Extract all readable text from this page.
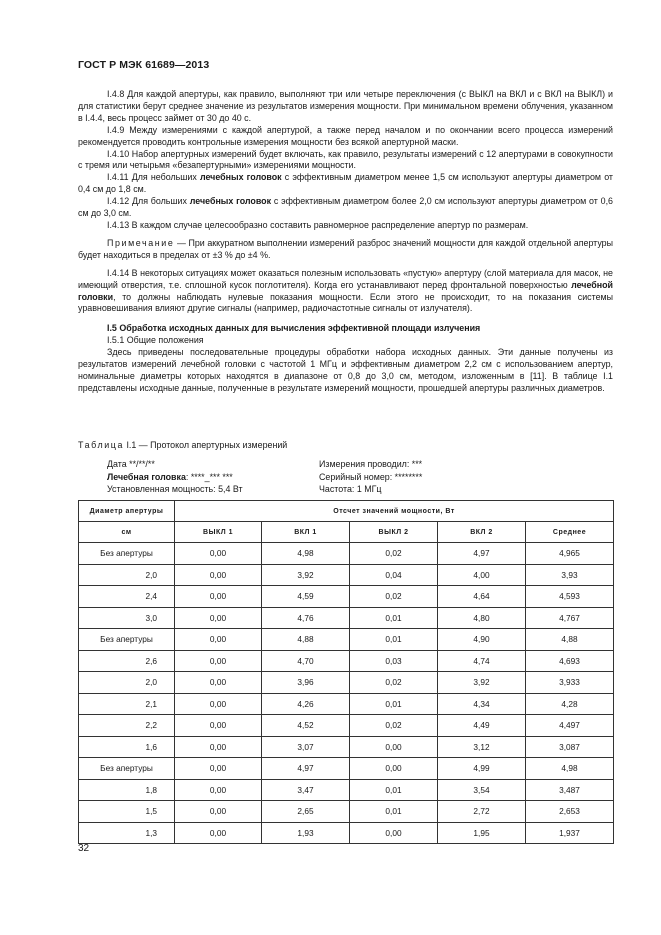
ГОСТ Р МЭК 61689—2013

I.4.8 Для каждой апертуры, как правило, выполняют три или четыре переключения (с ВЫКЛ на ВКЛ и с ВКЛ на ВЫКЛ) и для статистики берут среднее значение из результатов измерения мощности. При минимальном времени облучения, указанном в I.4.4, весь процесс займет от 30 до 40 с.

I.4.9 Между измерениями с каждой апертурой, а также перед началом и по окончании всего процесса измерений рекомендуется проводить контрольные измерения мощности без всякой апертурной маски.

I.4.10 Набор апертурных измерений будет включать, как правило, результаты измерений с 12 апертурами в совокупности с тремя или четырьмя «безапертурными» измерениями мощности.

I.4.11 Для небольших лечебных головок с эффективным диаметром менее 1,5 см используют апертуры диаметром от 0,4 см до 1,8 см.

I.4.12 Для больших лечебных головок с эффективным диаметром более 2,0 см используют апертуры диаметром от 0,6 см до 3,0 см.

I.4.13 В каждом случае целесообразно составить равномерное распределение апертур по размерам.

Примечание — При аккуратном выполнении измерений разброс значений мощности для каждой отдельной апертуры будет находиться в пределах от ±3 % до ±4 %.

I.4.14 В некоторых ситуациях может оказаться полезным использовать «пустую» апертуру (слой материала для масок, не имеющий отверстия, т.е. сплошной кусок поглотителя). Когда его устанавливают перед фронтальной поверхностью лечебной головки, то должны наблюдать нулевые показания мощности. Если этого не происходит, то на показания системы уравновешивания влияют другие сигналы (например, радиочастотные сигналы от излучателя).

I.5 Обработка исходных данных для вычисления эффективной площади излучения

I.5.1 Общие положения

Здесь приведены последовательные процедуры обработки набора исходных данных. Эти данные получены из результатов измерений лечебной головки с частотой 1 МГц и эффективным диаметром 2,2 см с использованием апертур, номинальные диаметры которых находятся в диапазоне от 0,8 до 3,0 см, методом, изложенным в [11]. В таблице I.1 представлены исходные данные, полученные в результате измерений мощности, прошедшей апертуры различных диаметров.

Таблица I.1 — Протокол апертурных измерений
Дата **/**/**
Лечебная головка: ****_*** ***
Установленная мощность: 5,4 Вт
Измерения проводил: ***
Серийный номер: ********
Частота: 1 МГц
Диаметр апертуры	Отсчет значений мощности, Вт				
см	ВЫКЛ 1	ВКЛ 1	ВЫКЛ 2	ВКЛ 2	Среднее
Без апертуры	0,00	4,98	0,02	4,97	4,965
2,0	0,00	3,92	0,04	4,00	3,93
2,4	0,00	4,59	0,02	4,64	4,593
3,0	0,00	4,76	0,01	4,80	4,767
Без апертуры	0,00	4,88	0,01	4,90	4,88
2,6	0,00	4,70	0,03	4,74	4,693
2,0	0,00	3,96	0,02	3,92	3,933
2,1	0,00	4,26	0,01	4,34	4,28
2,2	0,00	4,52	0,02	4,49	4,497
1,6	0,00	3,07	0,00	3,12	3,087
Без апертуры	0,00	4,97	0,00	4,99	4,98
1,8	0,00	3,47	0,01	3,54	3,487
1,5	0,00	2,65	0,01	2,72	2,653
1,3	0,00	1,93	0,00	1,95	1,937
32
